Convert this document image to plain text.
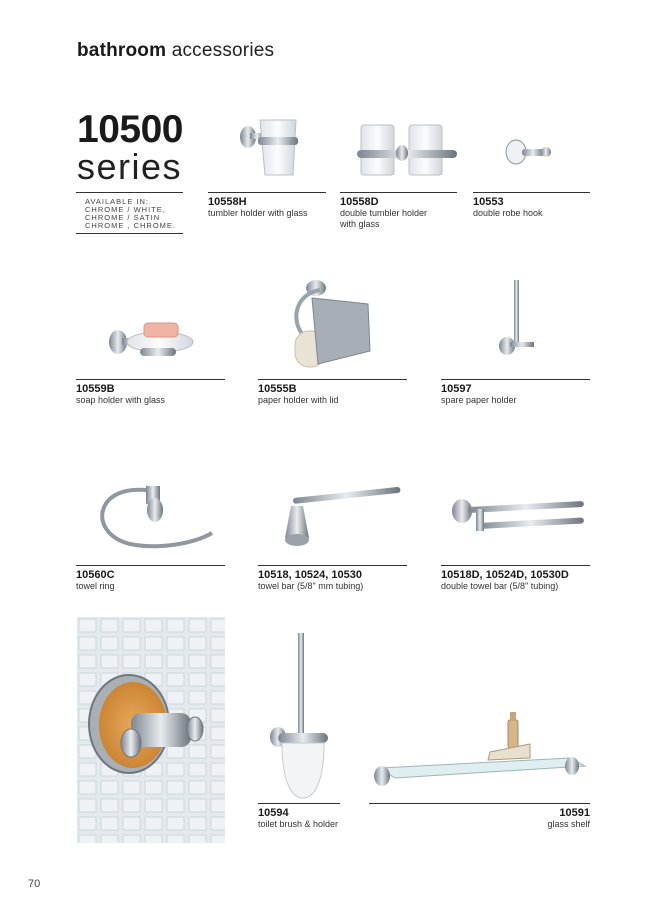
bathroom accessories
10500
series
AVAILABLE IN:
CHROME / WHITE,
CHROME / SATIN
CHROME , CHROME.
10558H
tumbler holder with glass
10558D
double tumbler holder
with glass
10553
double robe hook
10559B
soap holder with glass
10555B
paper holder with lid
10597
spare paper holder
10560C
towel ring
10518, 10524, 10530
towel bar (5/8" mm tubing)
10518D, 10524D, 10530D
double towel bar (5/8" tubing)
10594
toilet brush & holder
10591
glass shelf
70
